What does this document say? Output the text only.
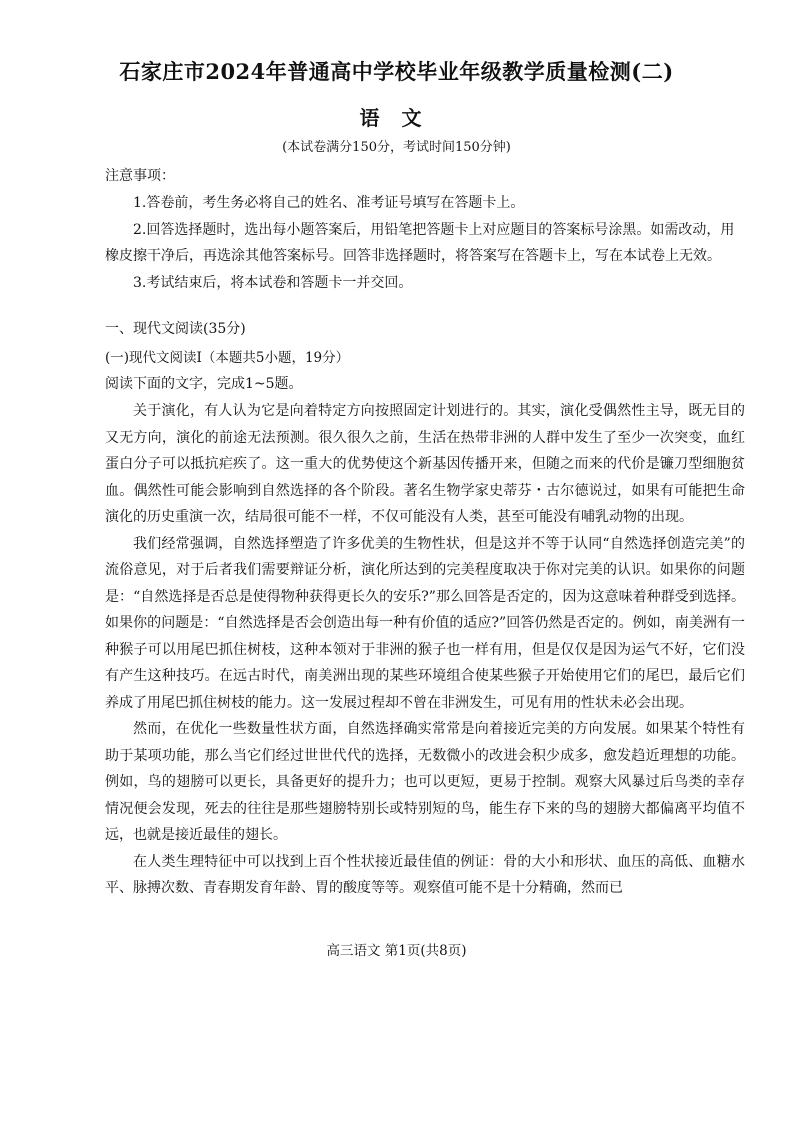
石家庄市2024年普通高中学校毕业年级教学质量检测(二)
语文
(本试卷满分150分，考试时间150分钟)
注意事项：

1.答卷前，考生务必将自己的姓名、准考证号填写在答题卡上。

2.回答选择题时，选出每小题答案后，用铅笔把答题卡上对应题目的答案标号涂黑。如需改动，用橡皮擦干净后，再选涂其他答案标号。回答非选择题时，将答案写在答题卡上，写在本试卷上无效。

3.考试结束后，将本试卷和答题卡一并交回。

一、现代文阅读(35分)
(一)现代文阅读Ⅰ（本题共5小题，19分）
阅读下面的文字，完成1~5题。

关于演化，有人认为它是向着特定方向按照固定计划进行的。其实，演化受偶然性主导，既无目的又无方向，演化的前途无法预测。很久很久之前，生活在热带非洲的人群中发生了至少一次突变，血红蛋白分子可以抵抗疟疾了。这一重大的优势使这个新基因传播开来，但随之而来的代价是镰刀型细胞贫血。偶然性可能会影响到自然选择的各个阶段。著名生物学家史蒂芬・古尔德说过，如果有可能把生命演化的历史重演一次，结局很可能不一样，不仅可能没有人类，甚至可能没有哺乳动物的出现。

我们经常强调，自然选择塑造了许多优美的生物性状，但是这并不等于认同“自然选择创造完美”的流俗意见，对于后者我们需要辩证分析，演化所达到的完美程度取决于你对完美的认识。如果你的问题是：“自然选择是否总是使得物种获得更长久的安乐?”那么回答是否定的，因为这意味着种群受到选择。如果你的问题是：“自然选择是否会创造出每一种有价值的适应?”回答仍然是否定的。例如，南美洲有一种猴子可以用尾巴抓住树枝，这种本领对于非洲的猴子也一样有用，但是仅仅是因为运气不好，它们没有产生这种技巧。在远古时代，南美洲出现的某些环境组合使某些猴子开始使用它们的尾巴，最后它们养成了用尾巴抓住树枝的能力。这一发展过程却不曾在非洲发生，可见有用的性状未必会出现。

然而，在优化一些数量性状方面，自然选择确实常常是向着接近完美的方向发展。如果某个特性有助于某项功能，那么当它们经过世世代代的选择，无数微小的改进会积少成多，愈发趋近理想的功能。例如，鸟的翅膀可以更长，具备更好的提升力；也可以更短，更易于控制。观察大风暴过后鸟类的幸存情况便会发现，死去的往往是那些翅膀特别长或特别短的鸟，能生存下来的鸟的翅膀大都偏离平均值不远，也就是接近最佳的翅长。

在人类生理特征中可以找到上百个性状接近最佳值的例证：骨的大小和形状、血压的高低、血糖水平、脉搏次数、青春期发育年龄、胃的酸度等等。观察值可能不是十分精确，然而已

高三语文 第1页(共8页)
